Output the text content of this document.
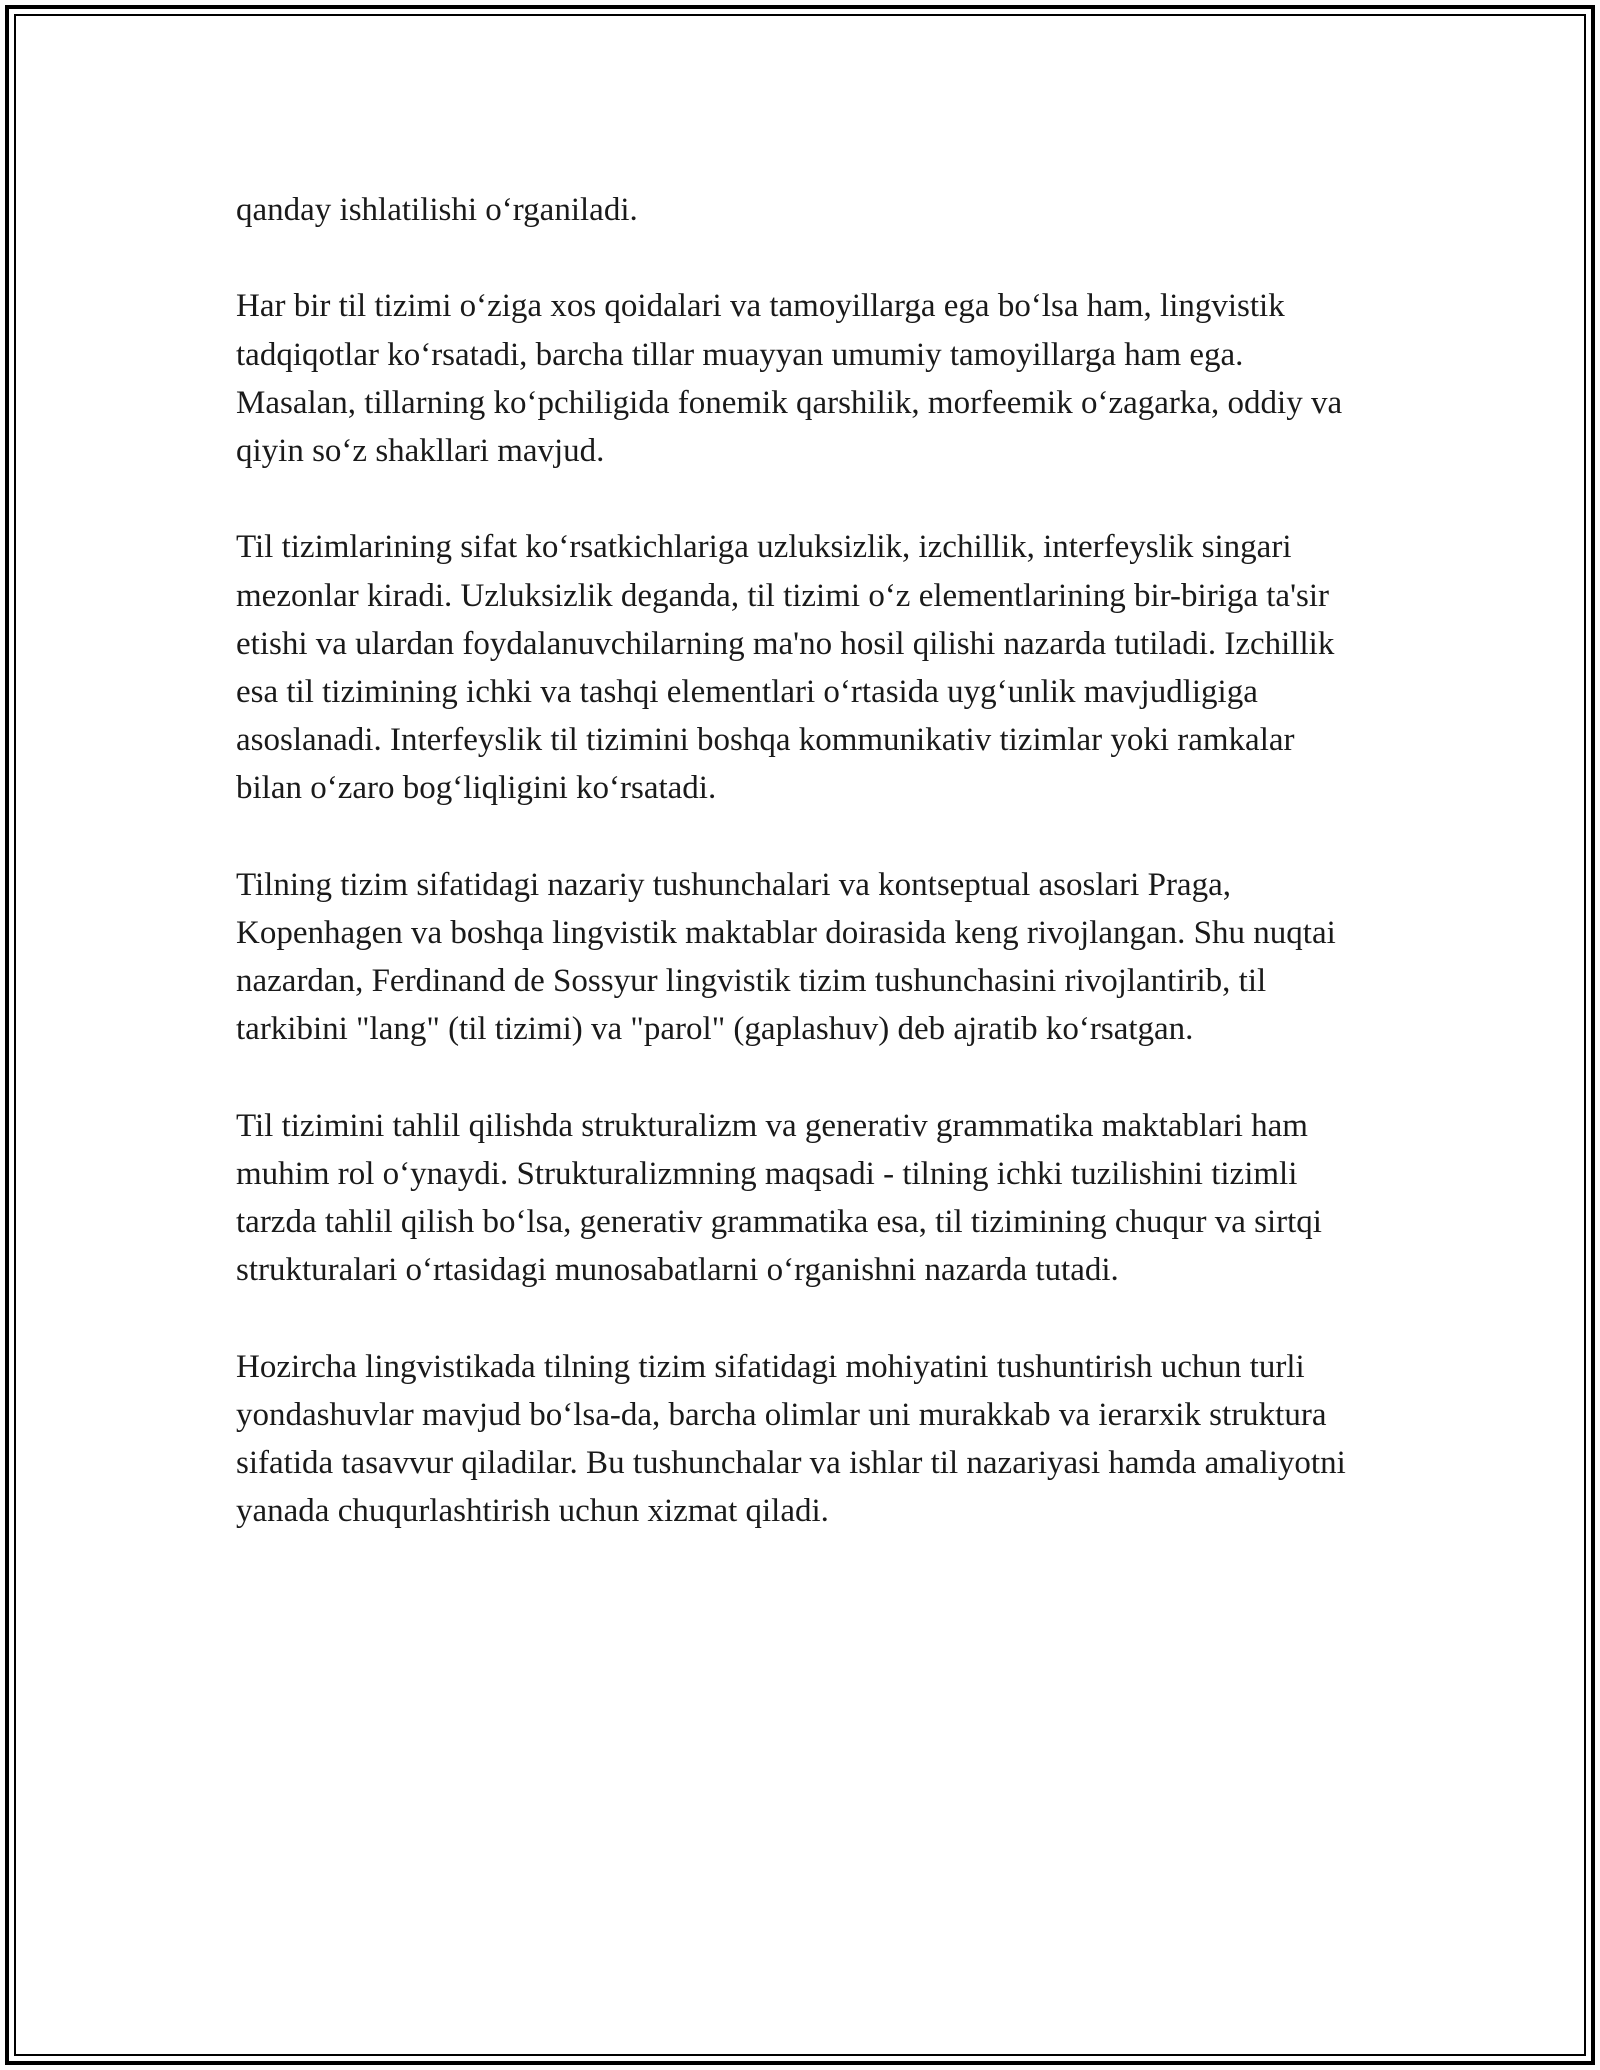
qanday ishlatilishi oʻrganiladi.

Har bir til tizimi oʻziga xos qoidalari va tamoyillarga ega boʻlsa ham, lingvistik tadqiqotlar koʻrsatadi, barcha tillar muayyan umumiy tamoyillarga ham ega. Masalan, tillarning koʻpchiligida fonemik qarshilik, morfeemik oʻzagarka, oddiy va qiyin soʻz shakllari mavjud.

Til tizimlarining sifat koʻrsatkichlariga uzluksizlik, izchillik, interfeyslik singari mezonlar kiradi. Uzluksizlik deganda, til tizimi oʻz elementlarining bir-biriga ta'sir etishi va ulardan foydalanuvchilarning ma'no hosil qilishi nazarda tutiladi. Izchillik esa til tizimining ichki va tashqi elementlari oʻrtasida uygʻunlik mavjudligiga asoslanadi. Interfeyslik til tizimini boshqa kommunikativ tizimlar yoki ramkalar bilan oʻzaro bogʻliqligini koʻrsatadi.

Tilning tizim sifatidagi nazariy tushunchalari va kontseptual asoslari Praga, Kopenhagen va boshqa lingvistik maktablar doirasida keng rivojlangan. Shu nuqtai nazardan, Ferdinand de Sossyur lingvistik tizim tushunchasini rivojlantirib, til tarkibini "lang" (til tizimi) va "parol" (gaplashuv) deb ajratib koʻrsatgan.

Til tizimini tahlil qilishda strukturalizm va generativ grammatika maktablari ham muhim rol oʻynaydi. Strukturalizmning maqsadi - tilning ichki tuzilishini tizimli tarzda tahlil qilish boʻlsa, generativ grammatika esa, til tizimining chuqur va sirtqi strukturalari oʻrtasidagi munosabatlarni oʻrganishni nazarda tutadi.

Hozircha lingvistikada tilning tizim sifatidagi mohiyatini tushuntirish uchun turli yondashuvlar mavjud boʻlsa-da, barcha olimlar uni murakkab va ierarxik struktura sifatida tasavvur qiladilar. Bu tushunchalar va ishlar til nazariyasi hamda amaliyotni yanada chuqurlashtirish uchun xizmat qiladi.
